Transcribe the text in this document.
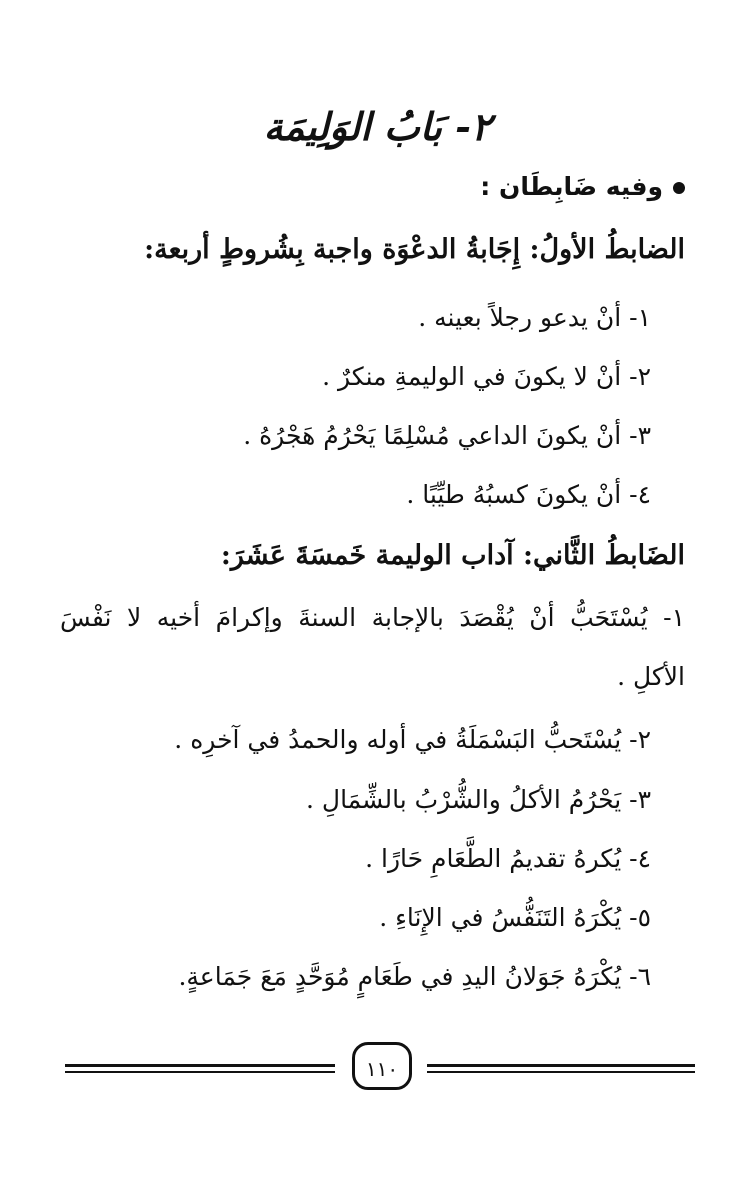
٢- بَابُ الوَلِيمَة
وفيه ضَابِطَان :
الضابطُ الأولُ: إِجَابةُ الدعْوَة واجبة بِشُروطٍ أربعة:
١- أنْ يدعو رجلاً بعينه .
٢- أنْ لا يكونَ في الوليمةِ منكرٌ .
٣- أنْ يكونَ الداعي مُسْلِمًا يَحْرُمُ هَجْرُهُ .
٤- أنْ يكونَ كسبُهُ طيِّبًا .
الضَابطُ الثَّاني: آداب الوليمة خَمسَةَ عَشَرَ:
١- يُسْتَحَبُّ أنْ يُقْصَدَ بالإجابة السنةَ وإكرامَ أخيه لا نَفْسَ
الأكلِ .
٢- يُسْتَحبُّ البَسْمَلَةُ في أوله والحمدُ في آخرِه .
٣- يَحْرُمُ الأكلُ والشُّرْبُ بالشِّمَالِ .
٤- يُكرهُ تقديمُ الطَّعَامِ حَارًا .
٥- يُكْرَهُ التَنَفُّسُ في الإِنَاءِ .
٦- يُكْرَهُ جَوَلانُ اليدِ في طَعَامٍ مُوَحَّدٍ مَعَ جَمَاعةٍ.
١١٠
